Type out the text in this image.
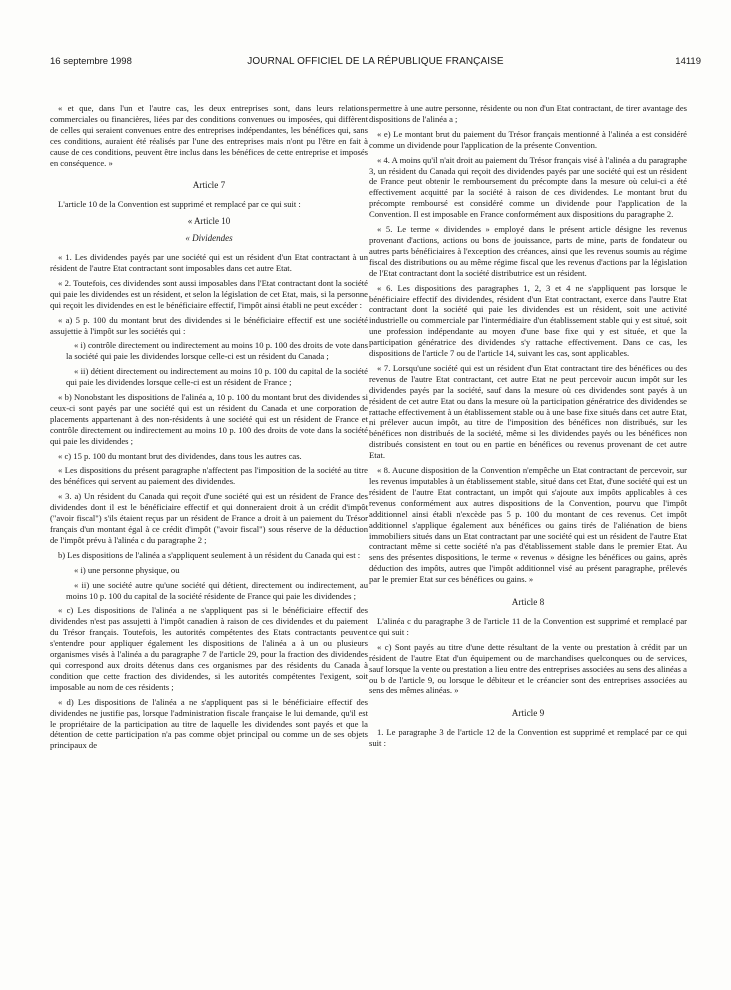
16 septembre 1998	JOURNAL OFFICIEL DE LA RÉPUBLIQUE FRANÇAISE	14119

« et que, dans l'un et l'autre cas, les deux entreprises sont, dans leurs relations commerciales ou financières, liées par des conditions convenues ou imposées, qui diffèrent de celles qui seraient convenues entre des entreprises indépendantes, les bénéfices qui, sans ces conditions, auraient été réalisés par l'une des entreprises mais n'ont pu l'être en fait à cause de ces conditions, peuvent être inclus dans les bénéfices de cette entreprise et imposés en conséquence. »

Article 7

L'article 10 de la Convention est supprimé et remplacé par ce qui suit :

« Article 10
« Dividendes

« 1. Les dividendes payés par une société qui est un résident d'un Etat contractant à un résident de l'autre Etat contractant sont imposables dans cet autre Etat.

« 2. Toutefois, ces dividendes sont aussi imposables dans l'Etat contractant dont la société qui paie les dividendes est un résident, et selon la législation de cet Etat, mais, si la personne qui reçoit les dividendes en est le bénéficiaire effectif, l'impôt ainsi établi ne peut excéder :

« a) 5 p. 100 du montant brut des dividendes si le bénéficiaire effectif est une société assujettie à l'impôt sur les sociétés qui :

« i) contrôle directement ou indirectement au moins 10 p. 100 des droits de vote dans la société qui paie les dividendes lorsque celle-ci est un résident du Canada ;

« ii) détient directement ou indirectement au moins 10 p. 100 du capital de la société qui paie les dividendes lorsque celle-ci est un résident de France ;

« b) Nonobstant les dispositions de l'alinéa a, 10 p. 100 du montant brut des dividendes si ceux-ci sont payés par une société qui est un résident du Canada et une corporation de placements appartenant à des non-résidents à une société qui est un résident de France et contrôle directement ou indirectement au moins 10 p. 100 des droits de vote dans la société qui paie les dividendes ;

« c) 15 p. 100 du montant brut des dividendes, dans tous les autres cas.

« Les dispositions du présent paragraphe n'affectent pas l'imposition de la société au titre des bénéfices qui servent au paiement des dividendes.

« 3. a) Un résident du Canada qui reçoit d'une société qui est un résident de France des dividendes dont il est le bénéficiaire effectif et qui donneraient droit à un crédit d'impôt ("avoir fiscal") s'ils étaient reçus par un résident de France a droit à un paiement du Trésor français d'un montant égal à ce crédit d'impôt ("avoir fiscal") sous réserve de la déduction de l'impôt prévu à l'alinéa c du paragraphe 2 ;

b) Les dispositions de l'alinéa a s'appliquent seulement à un résident du Canada qui est :

« i) une personne physique, ou

« ii) une société autre qu'une société qui détient, directement ou indirectement, au moins 10 p. 100 du capital de la société résidente de France qui paie les dividendes ;

« c) Les dispositions de l'alinéa a ne s'appliquent pas si le bénéficiaire effectif des dividendes n'est pas assujetti à l'impôt canadien à raison de ces dividendes et du paiement du Trésor français. Toutefois, les autorités compétentes des Etats contractants peuvent s'entendre pour appliquer également les dispositions de l'alinéa a à un ou plusieurs organismes visés à l'alinéa a du paragraphe 7 de l'article 29, pour la fraction des dividendes qui correspond aux droits détenus dans ces organismes par des résidents du Canada à condition que cette fraction des dividendes, si les autorités compétentes l'exigent, soit imposable au nom de ces résidents ;

« d) Les dispositions de l'alinéa a ne s'appliquent pas si le bénéficiaire effectif des dividendes ne justifie pas, lorsque l'administration fiscale française le lui demande, qu'il est le propriétaire de la participation au titre de laquelle les dividendes sont payés et que la détention de cette participation n'a pas comme objet principal ou comme un de ses objets principaux de

permettre à une autre personne, résidente ou non d'un Etat contractant, de tirer avantage des dispositions de l'alinéa a ;

« e) Le montant brut du paiement du Trésor français mentionné à l'alinéa a est considéré comme un dividende pour l'application de la présente Convention.

« 4. A moins qu'il n'ait droit au paiement du Trésor français visé à l'alinéa a du paragraphe 3, un résident du Canada qui reçoit des dividendes payés par une société qui est un résident de France peut obtenir le remboursement du précompte dans la mesure où celui-ci a été effectivement acquitté par la société à raison de ces dividendes. Le montant brut du précompte remboursé est considéré comme un dividende pour l'application de la Convention. Il est imposable en France conformément aux dispositions du paragraphe 2.

« 5. Le terme « dividendes » employé dans le présent article désigne les revenus provenant d'actions, actions ou bons de jouissance, parts de mine, parts de fondateur ou autres parts bénéficiaires à l'exception des créances, ainsi que les revenus soumis au régime fiscal des distributions ou au même régime fiscal que les revenus d'actions par la législation de l'Etat contractant dont la société distributrice est un résident.

« 6. Les dispositions des paragraphes 1, 2, 3 et 4 ne s'appliquent pas lorsque le bénéficiaire effectif des dividendes, résident d'un Etat contractant, exerce dans l'autre Etat contractant dont la société qui paie les dividendes est un résident, soit une activité industrielle ou commerciale par l'intermédiaire d'un établissement stable qui y est situé, soit une profession indépendante au moyen d'une base fixe qui y est située, et que la participation génératrice des dividendes s'y rattache effectivement. Dans ce cas, les dispositions de l'article 7 ou de l'article 14, suivant les cas, sont applicables.

« 7. Lorsqu'une société qui est un résident d'un Etat contractant tire des bénéfices ou des revenus de l'autre Etat contractant, cet autre Etat ne peut percevoir aucun impôt sur les dividendes payés par la société, sauf dans la mesure où ces dividendes sont payés à un résident de cet autre Etat ou dans la mesure où la participation génératrice des dividendes se rattache effectivement à un établissement stable ou à une base fixe situés dans cet autre Etat, ni prélever aucun impôt, au titre de l'imposition des bénéfices non distribués, sur les bénéfices non distribués de la société, même si les dividendes payés ou les bénéfices non distribués consistent en tout ou en partie en bénéfices ou revenus provenant de cet autre Etat.

« 8. Aucune disposition de la Convention n'empêche un Etat contractant de percevoir, sur les revenus imputables à un établissement stable, situé dans cet Etat, d'une société qui est un résident de l'autre Etat contractant, un impôt qui s'ajoute aux impôts applicables à ces revenus conformément aux autres dispositions de la Convention, pourvu que l'impôt additionnel ainsi établi n'excède pas 5 p. 100 du montant de ces revenus. Cet impôt additionnel s'applique également aux bénéfices ou gains tirés de l'aliénation de biens immobiliers situés dans un Etat contractant par une société qui est un résident de l'autre Etat contractant même si cette société n'a pas d'établissement stable dans le premier Etat. Au sens des présentes dispositions, le terme « revenus » désigne les bénéfices ou gains, après déduction des impôts, autres que l'impôt additionnel visé au présent paragraphe, prélevés par le premier Etat sur ces bénéfices ou gains. »

Article 8

L'alinéa c du paragraphe 3 de l'article 11 de la Convention est supprimé et remplacé par ce qui suit :

« c) Sont payés au titre d'une dette résultant de la vente ou prestation à crédit par un résident de l'autre Etat d'un équipement ou de marchandises quelconques ou de services, sauf lorsque la vente ou prestation a lieu entre des entreprises associées au sens des alinéas a ou b de l'article 9, ou lorsque le débiteur et le créancier sont des entreprises associées au sens des mêmes alinéas. »

Article 9

1. Le paragraphe 3 de l'article 12 de la Convention est supprimé et remplacé par ce qui suit :
